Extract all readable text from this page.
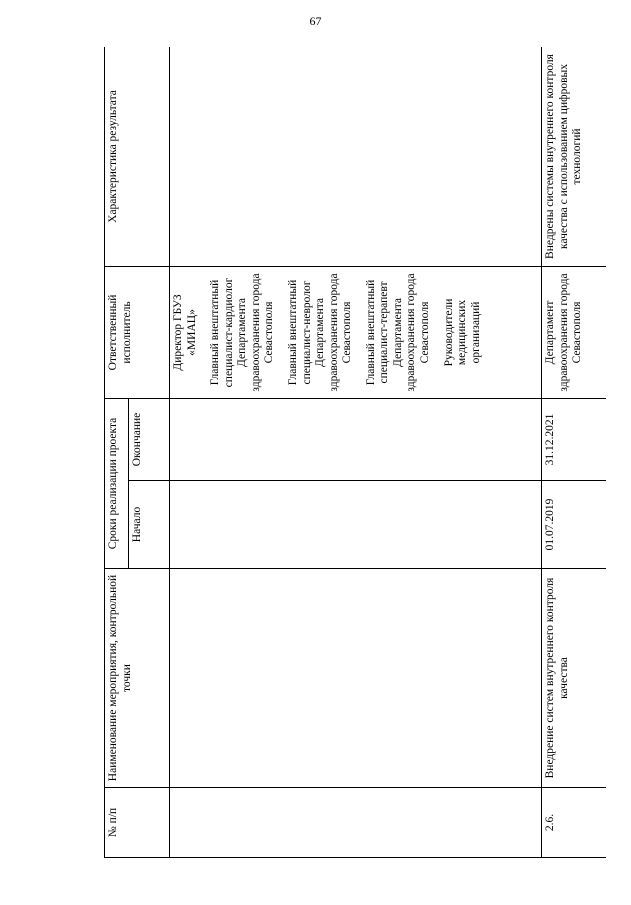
67
№ п/п	Наименование мероприятия, контрольной точки	Сроки реализации проекта		Ответственный исполнитель	Характеристика результата
		Начало	Окончание		

				Директор ГБУЗ «МИАЦ» Главный внештатный специалист-кардиолог Департамента здравоохранения города Севастополя Главный внештатный специалист-невролог Департамента здравоохранения города Севастополя Главный внештатный специалист-терапевт Департамента здравоохранения города Севастополя Руководители медицинских организаций	

2.6.	Внедрение систем внутреннего контроля качества	01.07.2019	31.12.2021	Департамент здравоохранения города Севастополя	Внедрены системы внутреннего контроля качества с использованием цифровых технологий
